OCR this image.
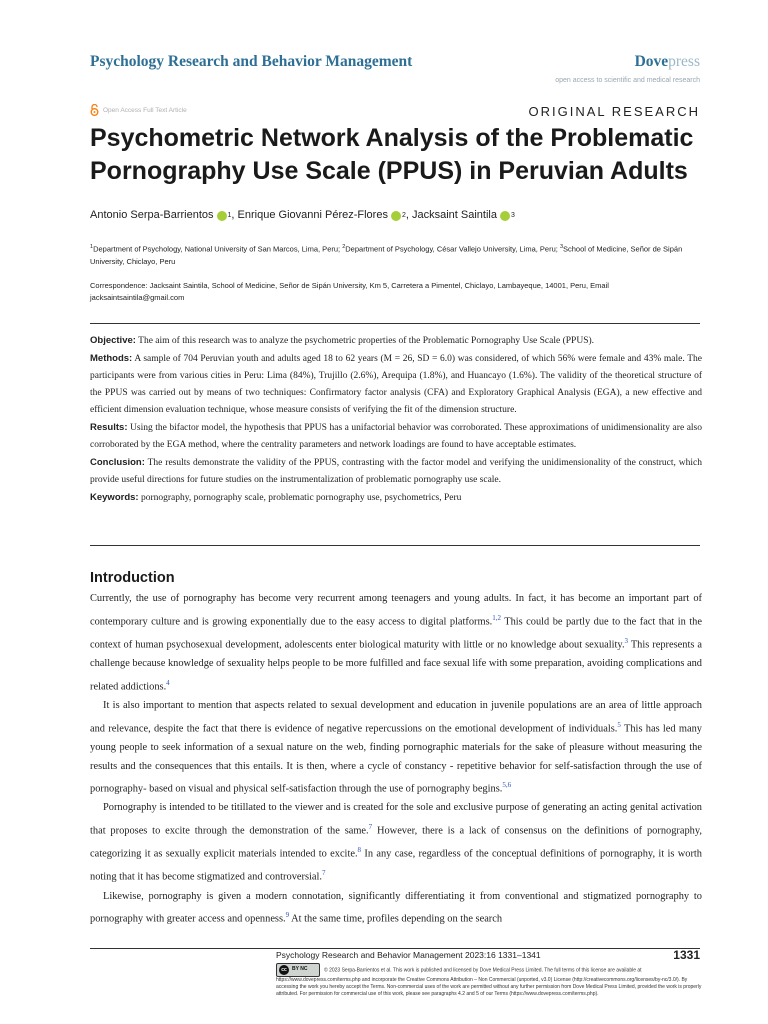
Psychology Research and Behavior Management	Dovepress
open access to scientific and medical research
Open Access Full Text Article	ORIGINAL RESEARCH
Psychometric Network Analysis of the Problematic Pornography Use Scale (PPUS) in Peruvian Adults
Antonio Serpa-Barrientos 1 , Enrique Giovanni Pérez-Flores 2 , Jacksaint Saintila 3
$^1$Department of Psychology, National University of San Marcos, Lima, Peru; $^2$Department of Psychology, César Vallejo University, Lima, Peru; $^3$School of Medicine, Señor de Sipán University, Chiclayo, Peru
Correspondence: Jacksaint Saintila, School of Medicine, Señor de Sipán University, Km 5, Carretera a Pimentel, Chiclayo, Lambayeque, 14001, Peru, Email jacksaintsaintila@gmail.com
Objective: The aim of this research was to analyze the psychometric properties of the Problematic Pornography Use Scale (PPUS).
Methods: A sample of 704 Peruvian youth and adults aged 18 to 62 years (M = 26, SD = 6.0) was considered, of which 56% were female and 43% male. The participants were from various cities in Peru: Lima (84%), Trujillo (2.6%), Arequipa (1.8%), and Huancayo (1.6%). The validity of the theoretical structure of the PPUS was carried out by means of two techniques: Confirmatory factor analysis (CFA) and Exploratory Graphical Analysis (EGA), a new effective and efficient dimension evaluation technique, whose measure consists of verifying the fit of the dimension structure.
Results: Using the bifactor model, the hypothesis that PPUS has a unifactorial behavior was corroborated. These approximations of unidimensionality are also corroborated by the EGA method, where the centrality parameters and network loadings are found to have acceptable estimates.
Conclusion: The results demonstrate the validity of the PPUS, contrasting with the factor model and verifying the unidimensionality of the construct, which provide useful directions for future studies on the instrumentalization of problematic pornography use scale.
Keywords: pornography, pornography scale, problematic pornography use, psychometrics, Peru
Introduction

Currently, the use of pornography has become very recurrent among teenagers and young adults. In fact, it has become an important part of contemporary culture and is growing exponentially due to the easy access to digital platforms.$^{1,2}$ This could be partly due to the fact that in the context of human psychosexual development, adolescents enter biological maturity with little or no knowledge about sexuality.$^3$ This represents a challenge because knowledge of sexuality helps people to be more fulfilled and face sexual life with some preparation, avoiding complications and related addictions.$^4$

It is also important to mention that aspects related to sexual development and education in juvenile populations are an area of little approach and relevance, despite the fact that there is evidence of negative repercussions on the emotional development of individuals.$^5$ This has led many young people to seek information of a sexual nature on the web, finding pornographic materials for the sake of pleasure without measuring the results and the consequences that this entails. It is then, where a cycle of constancy - repetitive behavior for self-satisfaction through the use of pornography- based on visual and physical self-satisfaction through the use of pornography begins.$^{5,6}$

Pornography is intended to be titillated to the viewer and is created for the sole and exclusive purpose of generating an acting genital activation that proposes to excite through the demonstration of the same.$^7$ However, there is a lack of consensus on the definitions of pornography, categorizing it as sexually explicit materials intended to excite.$^8$ In any case, regardless of the conceptual definitions of pornography, it is worth noting that it has become stigmatized and controversial.$^7$

Likewise, pornography is given a modern connotation, significantly differentiating it from conventional and stigmatized pornography to pornography with greater access and openness.$^9$ At the same time, profiles depending on the search

Psychology Research and Behavior Management 2023:16 1331–1341	1331
cc	BY NC	© 2023 Serpa-Barrientos et al. This work is published and licensed by Dove Medical Press Limited. The full terms of this license are available at https://www.dovepress.com/terms.php and incorporate the Creative Commons Attribution – Non Commercial (unported, v3.0) License (http://creativecommons.org/licenses/by-nc/3.0/). By accessing the work you hereby accept the Terms. Non-commercial uses of the work are permitted without any further permission from Dove Medical Press Limited, provided the work is properly attributed. For permission for commercial use of this work, please see paragraphs 4.2 and 5 of our Terms (https://www.dovepress.com/terms.php).
